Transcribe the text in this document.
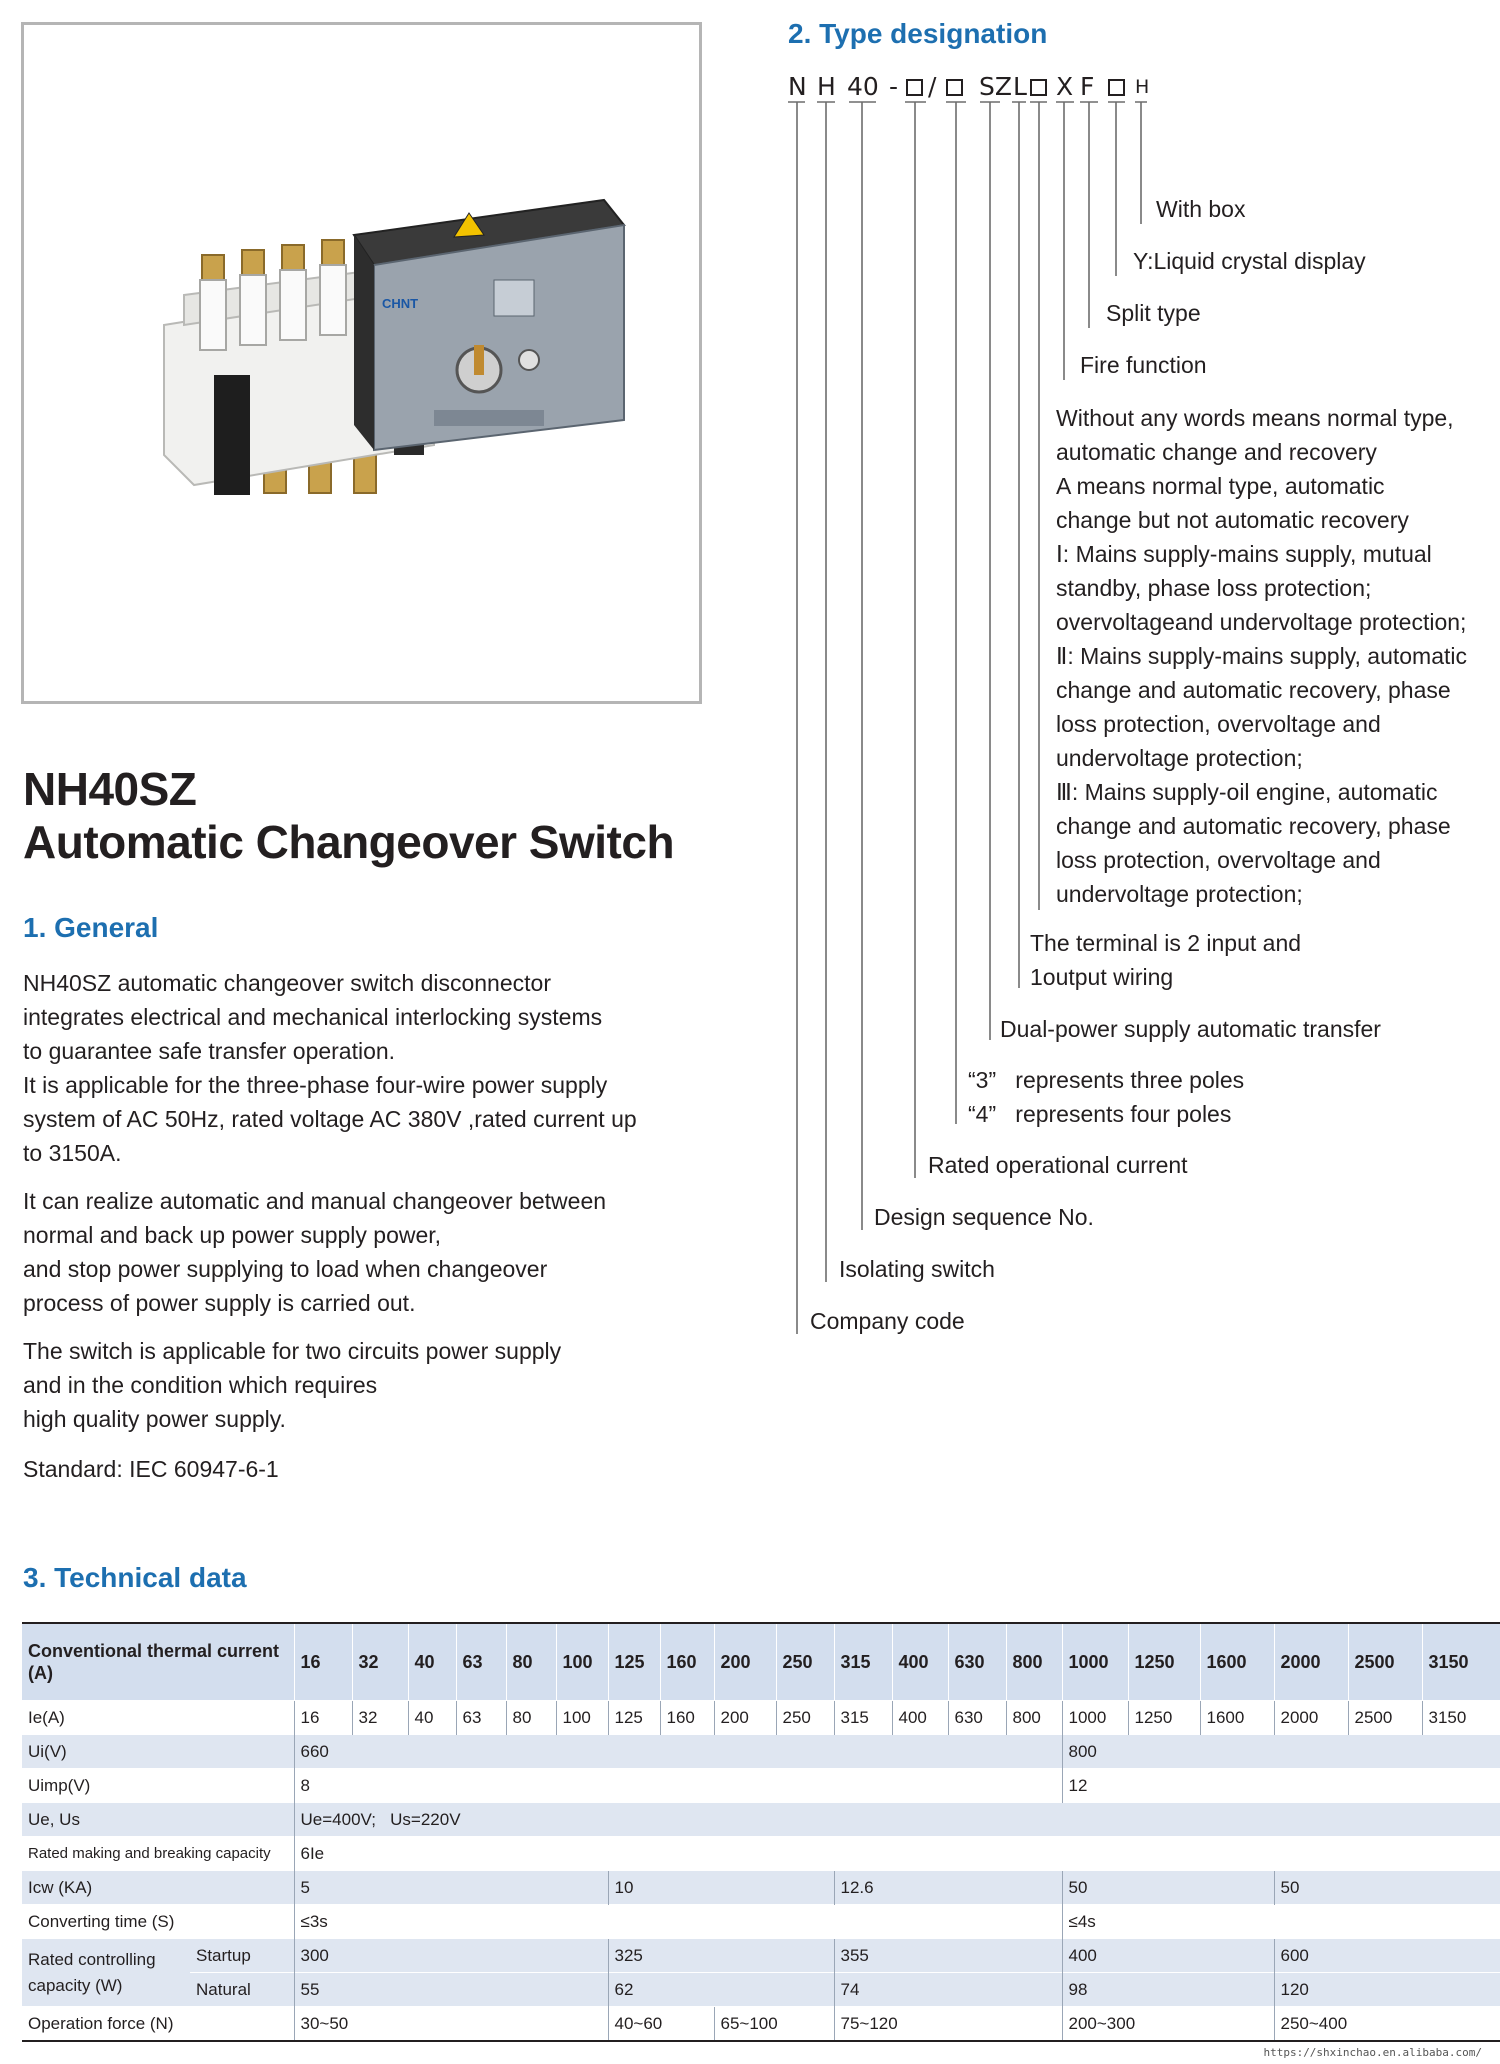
CHNT
NH40SZ
Automatic Changeover Switch
1. General
NH40SZ automatic changeover switch disconnector
integrates electrical and mechanical interlocking systems
to guarantee safe transfer operation.
It is applicable for the three-phase four-wire power supply
system of AC 50Hz, rated voltage AC 380V ,rated current up
to 3150A.
It can realize automatic and manual changeover between
normal and back up power supply power,
and stop power supplying to load when changeover
process of power supply is carried out.
The switch is applicable for two circuits power supply
and in the condition which requires
high quality power supply.
Standard: IEC 60947-6-1
2. Type designation
N H 40 - / SZ L X F H
With box
Y:Liquid crystal display
Split type
Fire function
Without any words means normal type,
automatic change and recovery
A means normal type, automatic
change but not automatic recovery
Ⅰ: Mains supply-mains supply, mutual
standby, phase loss protection;
overvoltageand undervoltage protection;
Ⅱ: Mains supply-mains supply, automatic
change and automatic recovery, phase
loss protection, overvoltage and
undervoltage protection;
Ⅲ: Mains supply-oil engine, automatic
change and automatic recovery, phase
loss protection, overvoltage and
undervoltage protection;
The terminal is 2 input and
1output wiring
Dual-power supply automatic transfer
“3”   represents three poles
“4”   represents four poles
Rated operational current
Design sequence No.
Isolating switch
Company code
3. Technical data
Conventional thermal current (A)		16	32	40	63	80	100	125	160	200	250	315	400	630	800	1000	1250	1600	2000	2500	3150
Ie(A)		16	32	40	63	80	100	125	160	200	250	315	400	630	800	1000	1250	1600	2000	2500	3150
Ui(V)		660														800					
Uimp(V)		8														12					
Ue, Us		Ue=400V;   Us=220V																			
Rated making and breaking capacity		6Ie																			
Icw (KA)		5						10				12.6				50			50		
Converting time (S)		≤3s														≤4s					
Rated controlling capacity (W)	Startup	300						325				355				400			600		
	Natural	55						62				74				98			120		
Operation force (N)		30~50						40~60		65~100		75~120				200~300			250~400		
https://shxinchao.en.alibaba.com/
